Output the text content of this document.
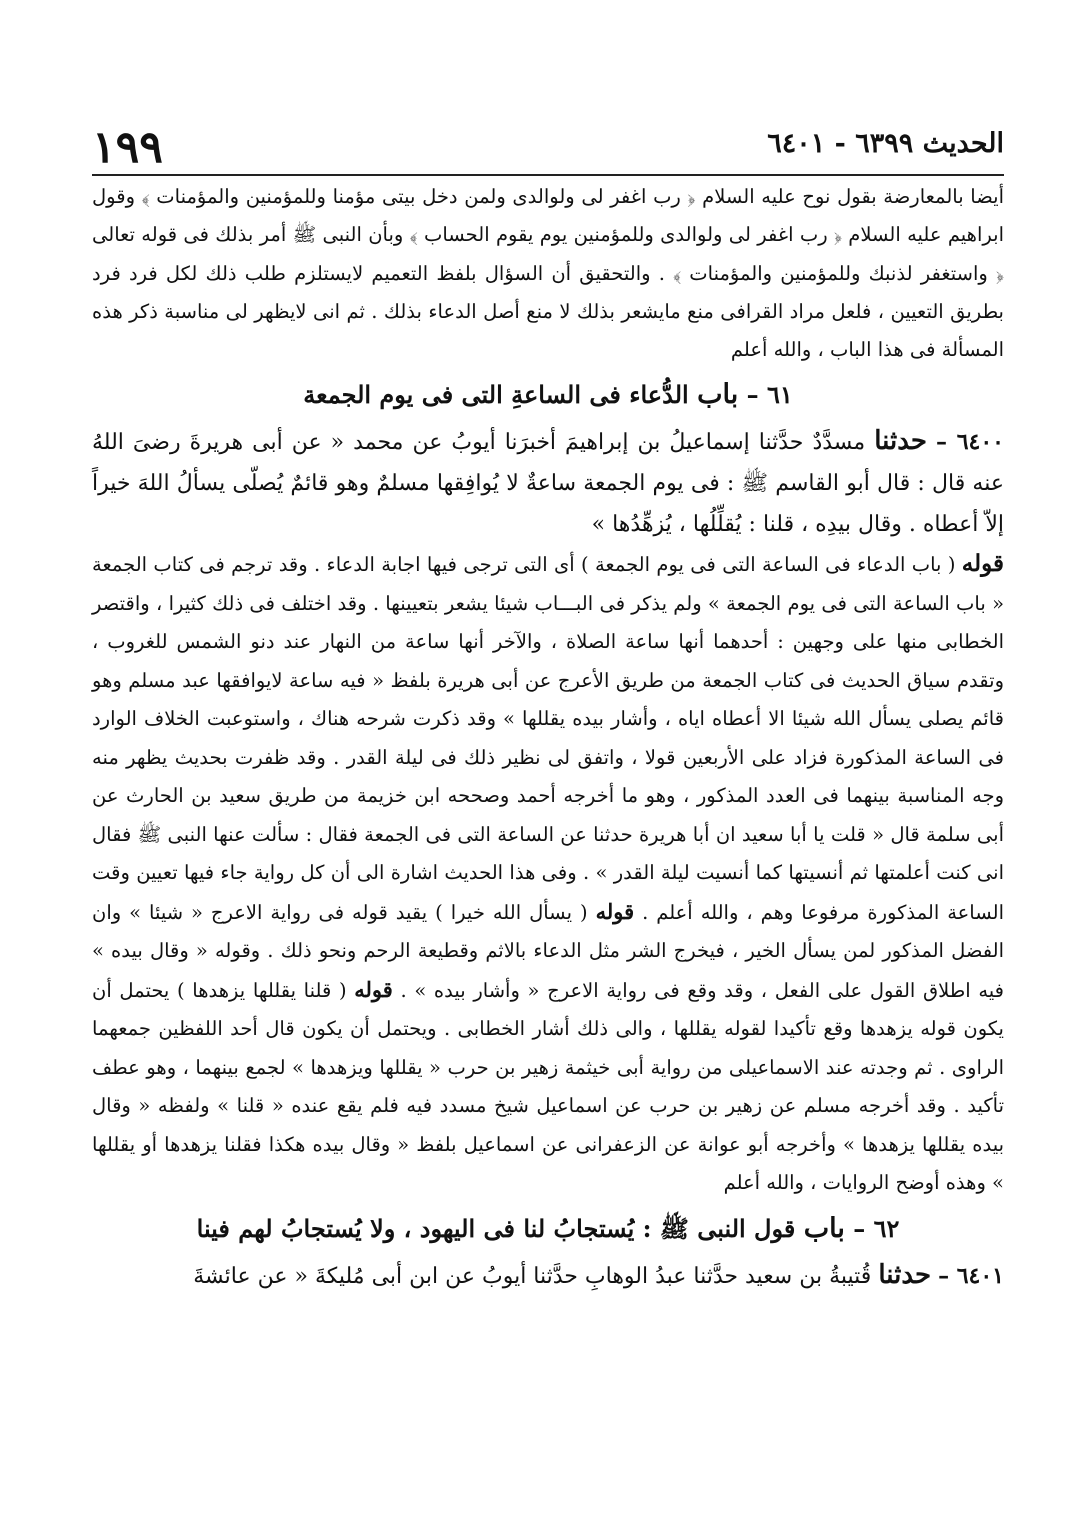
١٩٩	الحديث ٦٣٩٩ - ٦٤٠١

أيضا بالمعارضة بقول نوح عليه السلام ﴿ رب اغفر لى ولوالدى ولمن دخل بيتى مؤمنا وللمؤمنين والمؤمنات ﴾ وقول ابراهيم عليه السلام ﴿ رب اغفر لى ولوالدى وللمؤمنين يوم يقوم الحساب ﴾ وبأن النبى ﷺ أمر بذلك فى قوله تعالى ﴿ واستغفر لذنبك وللمؤمنين والمؤمنات ﴾ . والتحقيق أن السؤال بلفظ التعميم لايستلزم طلب ذلك لكل فرد فرد بطريق التعيين ، فلعل مراد القرافى منع مايشعر بذلك لا منع أصل الدعاء بذلك . ثم انى لايظهر لى مناسبة ذكر هذه المسألة فى هذا الباب ، والله أعلم

٦١ – باب الدُّعاء فى الساعةِ التى فى يوم الجمعة

٦٤٠٠ – حدثنا مسدَّدٌ حدَّثنا إسماعيلُ بن إبراهيمَ أخبرَنا أيوبُ عن محمد « عن أبى هريرةَ رضىَ اللهُ عنه قال : قال أبو القاسم ﷺ : فى يوم الجمعة ساعةٌ لا يُوافِقها مسلمٌ وهو قائمٌ يُصلّى يسألُ اللهَ خيراً إلاّ أعطاه . وقال بيدِه ، قلنا : يُقلِّلُها ، يُزهِّدُها »

قوله ( باب الدعاء فى الساعة التى فى يوم الجمعة ) أى التى ترجى فيها اجابة الدعاء . وقد ترجم فى كتاب الجمعة « باب الساعة التى فى يوم الجمعة » ولم يذكر فى البـــاب شيئا يشعر بتعيينها . وقد اختلف فى ذلك كثيرا ، واقتصر الخطابى منها على وجهين : أحدهما أنها ساعة الصلاة ، والآخر أنها ساعة من النهار عند دنو الشمس للغروب ، وتقدم سياق الحديث فى كتاب الجمعة من طريق الأعرج عن أبى هريرة بلفظ « فيه ساعة لايوافقها عبد مسلم وهو قائم يصلى يسأل الله شيئا الا أعطاه اياه ، وأشار بيده يقللها » وقد ذكرت شرحه هناك ، واستوعبت الخلاف الوارد فى الساعة المذكورة فزاد على الأربعين قولا ، واتفق لى نظير ذلك فى ليلة القدر . وقد ظفرت بحديث يظهر منه وجه المناسبة بينهما فى العدد المذكور ، وهو ما أخرجه أحمد وصححه ابن خزيمة من طريق سعيد بن الحارث عن أبى سلمة قال « قلت يا أبا سعيد ان أبا هريرة حدثنا عن الساعة التى فى الجمعة فقال : سألت عنها النبى ﷺ فقال انى كنت أعلمتها ثم أنسيتها كما أنسيت ليلة القدر » . وفى هذا الحديث اشارة الى أن كل رواية جاء فيها تعيين وقت الساعة المذكورة مرفوعا وهم ، والله أعلم . قوله ( يسأل الله خيرا ) يقيد قوله فى رواية الاعرج « شيئا » وان الفضل المذكور لمن يسأل الخير ، فيخرج الشر مثل الدعاء بالاثم وقطيعة الرحم ونحو ذلك . وقوله « وقال بيده » فيه اطلاق القول على الفعل ، وقد وقع فى رواية الاعرج « وأشار بيده » . قوله ( قلنا يقللها يزهدها ) يحتمل أن يكون قوله يزهدها وقع تأكيدا لقوله يقللها ، والى ذلك أشار الخطابى . ويحتمل أن يكون قال أحد اللفظين جمعهما الراوى . ثم وجدته عند الاسماعيلى من رواية أبى خيثمة زهير بن حرب « يقللها ويزهدها » لجمع بينهما ، وهو عطف تأكيد . وقد أخرجه مسلم عن زهير بن حرب عن اسماعيل شيخ مسدد فيه فلم يقع عنده « قلنا » ولفظه « وقال بيده يقللها يزهدها » وأخرجه أبو عوانة عن الزعفرانى عن اسماعيل بلفظ « وقال بيده هكذا فقلنا يزهدها أو يقللها » وهذه أوضح الروايات ، والله أعلم

٦٢ – باب قول النبى ﷺ : يُستجابُ لنا فى اليهود ، ولا يُستجابُ لهم فينا

٦٤٠١ – حدثنا قُتيبةُ بن سعيد حدَّثنا عبدُ الوهابِ حدَّثنا أيوبُ عن ابن أبى مُليكةَ « عن عائشةَ
